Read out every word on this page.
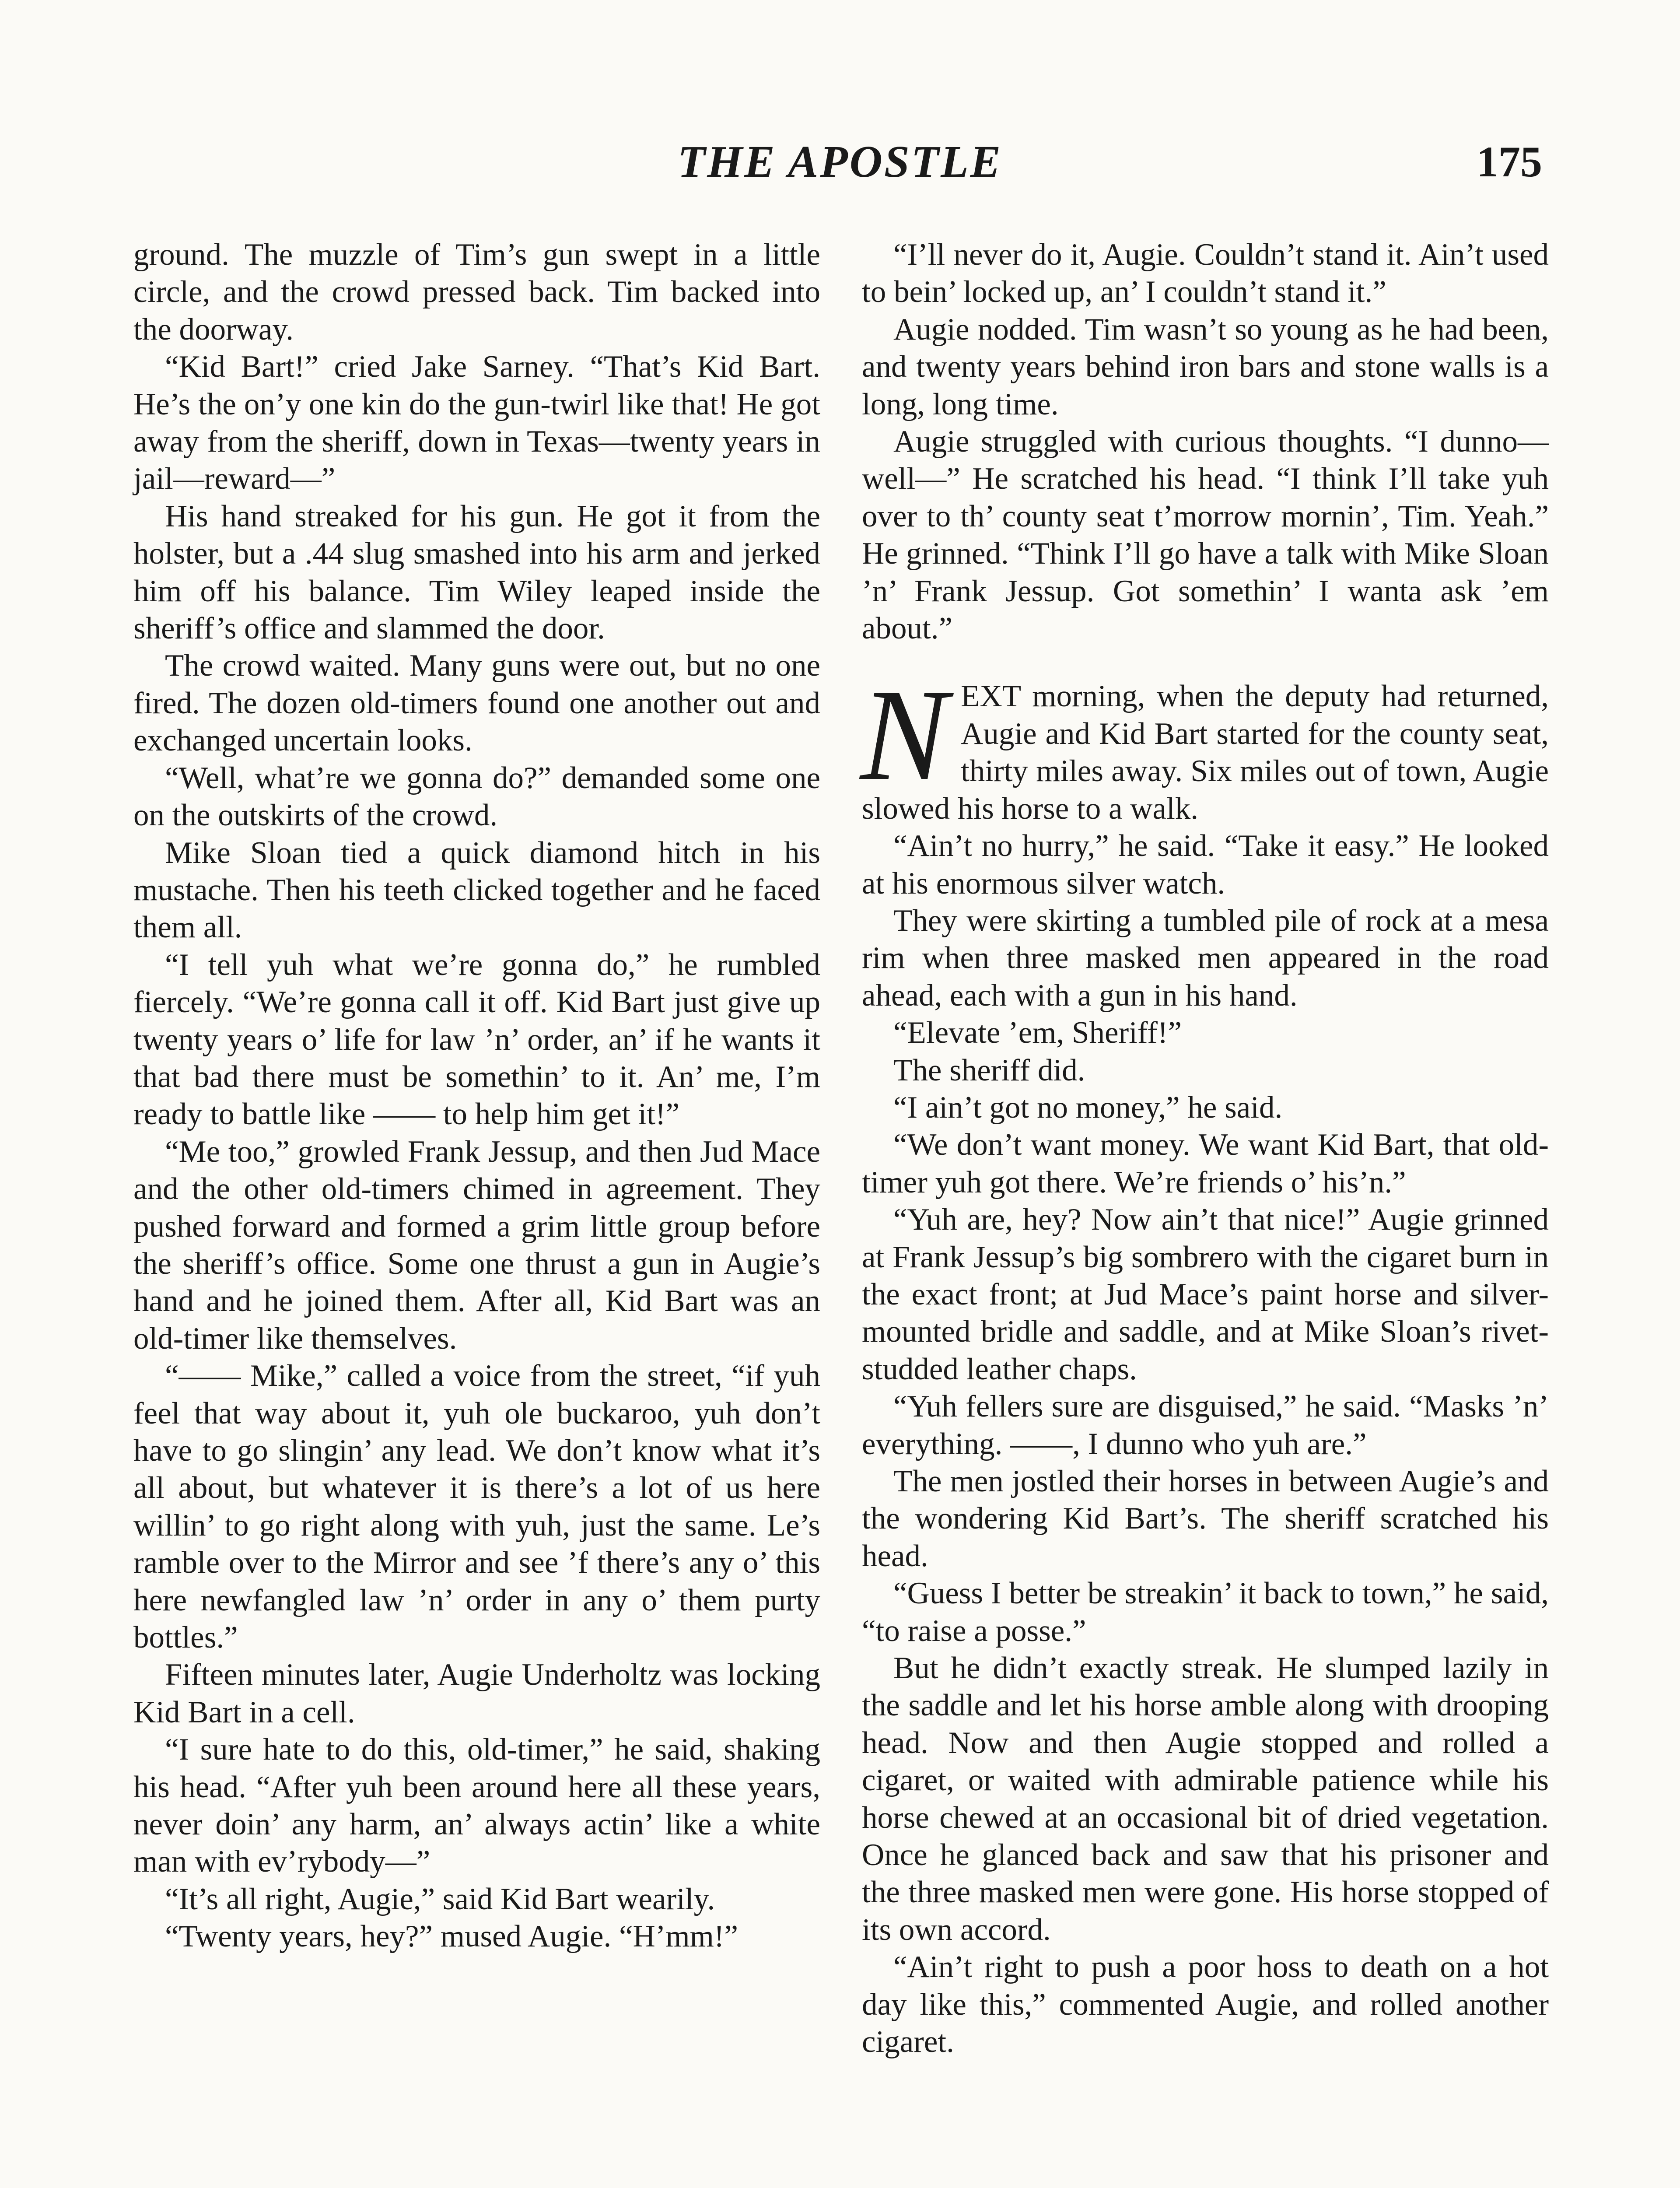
THE APOSTLE	175

ground. The muzzle of Tim’s gun swept in a little circle, and the crowd pressed back. Tim backed into the doorway.

“Kid Bart!” cried Jake Sarney. “That’s Kid Bart. He’s the on’y one kin do the gun-twirl like that! He got away from the sheriff, down in Texas—twenty years in jail—reward—”

His hand streaked for his gun. He got it from the holster, but a .44 slug smashed into his arm and jerked him off his balance. Tim Wiley leaped inside the sheriff’s office and slammed the door.

The crowd waited. Many guns were out, but no one fired. The dozen old-timers found one another out and exchanged uncertain looks.

“Well, what’re we gonna do?” demanded some one on the outskirts of the crowd.

Mike Sloan tied a quick diamond hitch in his mustache. Then his teeth clicked together and he faced them all.

“I tell yuh what we’re gonna do,” he rumbled fiercely. “We’re gonna call it off. Kid Bart just give up twenty years o’ life for law ’n’ order, an’ if he wants it that bad there must be somethin’ to it. An’ me, I’m ready to battle like —— to help him get it!”

“Me too,” growled Frank Jessup, and then Jud Mace and the other old-timers chimed in agreement. They pushed forward and formed a grim little group before the sheriff’s office. Some one thrust a gun in Augie’s hand and he joined them. After all, Kid Bart was an old-timer like themselves.

“—— Mike,” called a voice from the street, “if yuh feel that way about it, yuh ole buckaroo, yuh don’t have to go slingin’ any lead. We don’t know what it’s all about, but whatever it is there’s a lot of us here willin’ to go right along with yuh, just the same. Le’s ramble over to the Mirror and see ’f there’s any o’ this here newfangled law ’n’ order in any o’ them purty bottles.”

Fifteen minutes later, Augie Underholtz was locking Kid Bart in a cell.

“I sure hate to do this, old-timer,” he said, shaking his head. “After yuh been around here all these years, never doin’ any harm, an’ always actin’ like a white man with ev’rybody—”

“It’s all right, Augie,” said Kid Bart wearily.

“Twenty years, hey?” mused Augie. “H’mm!”

“I’ll never do it, Augie. Couldn’t stand it. Ain’t used to bein’ locked up, an’ I couldn’t stand it.”

Augie nodded. Tim wasn’t so young as he had been, and twenty years behind iron bars and stone walls is a long, long time.

Augie struggled with curious thoughts. “I dunno—well—” He scratched his head. “I think I’ll take yuh over to th’ county seat t’morrow mornin’, Tim. Yeah.” He grinned. “Think I’ll go have a talk with Mike Sloan ’n’ Frank Jessup. Got somethin’ I wanta ask ’em about.”

NEXT morning, when the deputy had returned, Augie and Kid Bart started for the county seat, thirty miles away. Six miles out of town, Augie slowed his horse to a walk.

“Ain’t no hurry,” he said. “Take it easy.” He looked at his enormous silver watch.

They were skirting a tumbled pile of rock at a mesa rim when three masked men appeared in the road ahead, each with a gun in his hand.

“Elevate ’em, Sheriff!”

The sheriff did.

“I ain’t got no money,” he said.

“We don’t want money. We want Kid Bart, that old-timer yuh got there. We’re friends o’ his’n.”

“Yuh are, hey? Now ain’t that nice!” Augie grinned at Frank Jessup’s big sombrero with the cigaret burn in the exact front; at Jud Mace’s paint horse and silver-mounted bridle and saddle, and at Mike Sloan’s rivet-studded leather chaps.

“Yuh fellers sure are disguised,” he said. “Masks ’n’ everything. ——, I dunno who yuh are.”

The men jostled their horses in between Augie’s and the wondering Kid Bart’s. The sheriff scratched his head.

“Guess I better be streakin’ it back to town,” he said, “to raise a posse.”

But he didn’t exactly streak. He slumped lazily in the saddle and let his horse amble along with drooping head. Now and then Augie stopped and rolled a cigaret, or waited with admirable patience while his horse chewed at an occasional bit of dried vegetation. Once he glanced back and saw that his prisoner and the three masked men were gone. His horse stopped of its own accord.

“Ain’t right to push a poor hoss to death on a hot day like this,” commented Augie, and rolled another cigaret.
